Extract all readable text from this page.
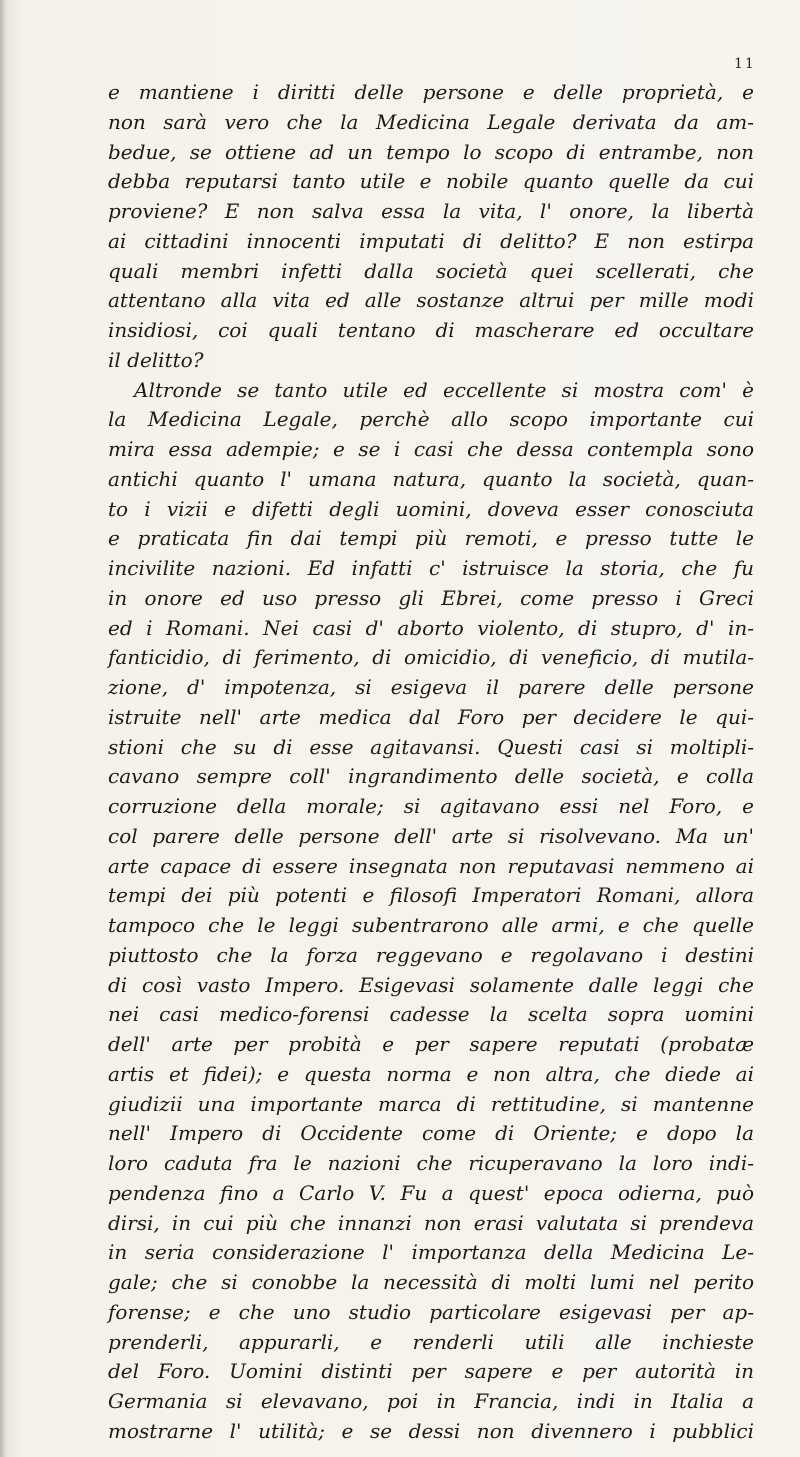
11
e mantiene i diritti delle persone e delle proprietà, e
non sarà vero che la Medicina Legale derivata da am-
bedue, se ottiene ad un tempo lo scopo di entrambe, non
debba reputarsi tanto utile e nobile quanto quelle da cui
proviene? E non salva essa la vita, l' onore, la libertà
ai cittadini innocenti imputati di delitto? E non estirpa
quali membri infetti dalla società quei scellerati, che
attentano alla vita ed alle sostanze altrui per mille modi
insidiosi, coi quali tentano di mascherare ed occultare
il delitto?
Altronde se tanto utile ed eccellente si mostra com' è
la Medicina Legale, perchè allo scopo importante cui
mira essa adempie; e se i casi che dessa contempla sono
antichi quanto l' umana natura, quanto la società, quan-
to i vizii e difetti degli uomini, doveva esser conosciuta
e praticata fin dai tempi più remoti, e presso tutte le
incivilite nazioni. Ed infatti c' istruisce la storia, che fu
in onore ed uso presso gli Ebrei, come presso i Greci
ed i Romani. Nei casi d' aborto violento, di stupro, d' in-
fanticidio, di ferimento, di omicidio, di veneficio, di mutila-
zione, d' impotenza, si esigeva il parere delle persone
istruite nell' arte medica dal Foro per decidere le qui-
stioni che su di esse agitavansi. Questi casi si moltipli-
cavano sempre coll' ingrandimento delle società, e colla
corruzione della morale; si agitavano essi nel Foro, e
col parere delle persone dell' arte si risolvevano. Ma un'
arte capace di essere insegnata non reputavasi nemmeno ai
tempi dei più potenti e filosofi Imperatori Romani, allora
tampoco che le leggi subentrarono alle armi, e che quelle
piuttosto che la forza reggevano e regolavano i destini
di così vasto Impero. Esigevasi solamente dalle leggi che
nei casi medico-forensi cadesse la scelta sopra uomini
dell' arte per probità e per sapere reputati (probatæ
artis et fidei); e questa norma e non altra, che diede ai
giudizii una importante marca di rettitudine, si mantenne
nell' Impero di Occidente come di Oriente; e dopo la
loro caduta fra le nazioni che ricuperavano la loro indi-
pendenza fino a Carlo V. Fu a quest' epoca odierna, può
dirsi, in cui più che innanzi non erasi valutata si prendeva
in seria considerazione l' importanza della Medicina Le-
gale; che si conobbe la necessità di molti lumi nel perito
forense; e che uno studio particolare esigevasi per ap-
prenderli, appurarli, e renderli utili alle inchieste
del Foro. Uomini distinti per sapere e per autorità in
Germania si elevavano, poi in Francia, indi in Italia a
mostrarne l' utilità; e se dessi non divennero i pubblici
